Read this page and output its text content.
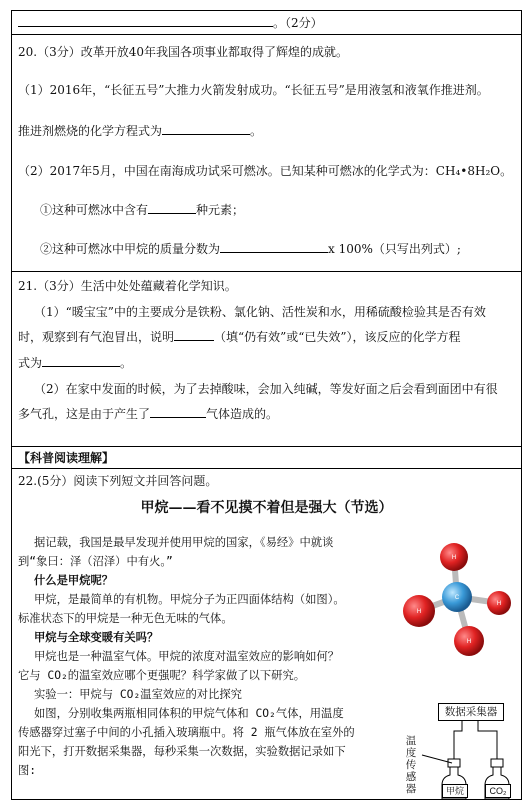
。（2分）
20.（3分）改革开放40年我国各项事业都取得了辉煌的成就。
（1）2016年，“长征五号”大推力火箭发射成功。“长征五号”是用液氢和液氧作推进剂。
推进剂燃烧的化学方程式为	。
（2）2017年5月，中国在南海成功试采可燃冰。已知某种可燃冰的化学式为：CH₄•8H₂O。
①这种可燃冰中含有	种元素；
②这种可燃冰中甲烷的质量分数为	x 100%（只写出列式）;
21.（3分）生活中处处蕴藏着化学知识。
（1）“暖宝宝”中的主要成分是铁粉、氯化钠、活性炭和水，用稀硫酸检验其是否有效
时，观察到有气泡冒出，说明	（填“仍有效”或“已失效”），该反应的化学方程
式为	。
（2）在家中发面的时候，为了去掉酸味，会加入纯碱，等发好面之后会看到面团中有很
多气孔，这是由于产生了	气体造成的。
【科普阅读理解】
22.(5分）阅读下列短文并回答问题。
甲烷——看不见摸不着但是强大（节选）
据记载，我国是最早发现并使用甲烷的国家，《易经》中就谈
到“象曰：泽（沼泽）中有火。”
什么是甲烷呢？
甲烷，是最简单的有机物。甲烷分子为正四面体结构（如图）。
标准状态下的甲烷是一种无色无味的气体。
甲烷与全球变暖有关吗？
甲烷也是一种温室气体。甲烷的浓度对温室效应的影响如何？
它与 CO₂的温室效应哪个更强呢？科学家做了以下研究。
实验一：甲烷与 CO₂温室效应的对比探究
如图，分别收集两瓶相同体积的甲烷气体和 CO₂气体，用温度
传感器穿过塞子中间的小孔插入玻璃瓶中。将 2 瓶气体放在室外的
阳光下，打开数据采集器，每秒采集一次数据，实验数据记录如下
图:
C
H
H
H
H
数据采集器
温
度
传
感
器	甲烷	CO₂
